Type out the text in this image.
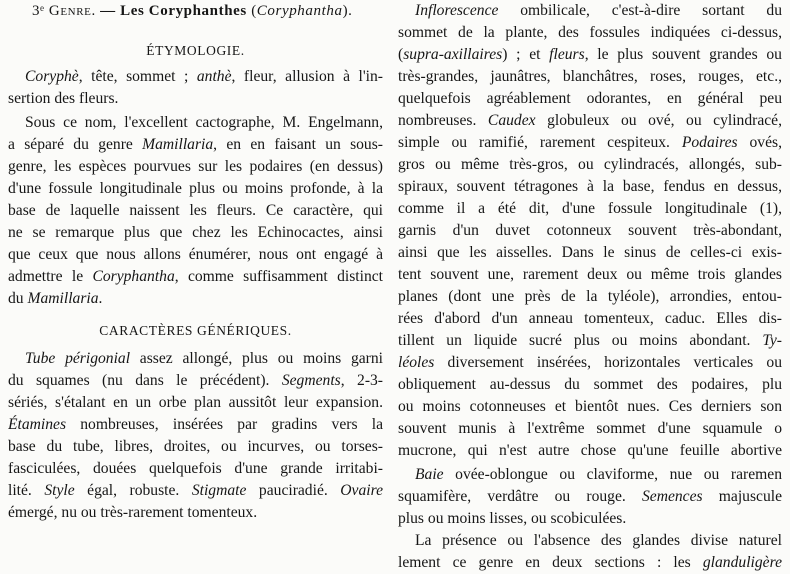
3ᵉ Genre. — Les Coryphanthes (Coryphantha).
ÉTYMOLOGIE.
Coryphè, tête, sommet ; anthè, fleur, allusion à l'in-
sertion des fleurs.
Sous ce nom, l'excellent cactographe, M. Engelmann,
a séparé du genre Mamillaria, en en faisant un sous-
genre, les espèces pourvues sur les podaires (en dessus)
d'une fossule longitudinale plus ou moins profonde, à la
base de laquelle naissent les fleurs. Ce caractère, qui
ne se remarque plus que chez les Echinocactes, ainsi
que ceux que nous allons énumérer, nous ont engagé à
admettre le Coryphantha, comme suffisamment distinct
du Mamillaria.
CARACTÈRES GÉNÉRIQUES.
Tube périgonial assez allongé, plus ou moins garni
du squames (nu dans le précédent). Segments, 2-3-
sériés, s'étalant en un orbe plan aussitôt leur expansion.
Étamines nombreuses, insérées par gradins vers la
base du tube, libres, droites, ou incurves, ou torses-
fasciculées, douées quelquefois d'une grande irritabi-
lité. Style égal, robuste. Stigmate pauciradié. Ovaire
émergé, nu ou très-rarement tomenteux.
Inflorescence ombilicale, c'est-à-dire sortant du
sommet de la plante, des fossules indiquées ci-dessus,
(supra-axillaires) ; et fleurs, le plus souvent grandes ou
très-grandes, jaunâtres, blanchâtres, roses, rouges, etc.,
quelquefois agréablement odorantes, en général peu
nombreuses. Caudex globuleux ou ové, ou cylindracé,
simple ou ramifié, rarement cespiteux. Podaires ovés,
gros ou même très-gros, ou cylindracés, allongés, sub-
spiraux, souvent tétragones à la base, fendus en dessus,
comme il a été dit, d'une fossule longitudinale (1),
garnis d'un duvet cotonneux souvent très-abondant,
ainsi que les aisselles. Dans le sinus de celles-ci exis-
tent souvent une, rarement deux ou même trois glandes
planes (dont une près de la tyléole), arrondies, entou-
rées d'abord d'un anneau tomenteux, caduc. Elles dis-
tillent un liquide sucré plus ou moins abondant. Ty-
léoles diversement insérées, horizontales verticales ou
obliquement au-dessus du sommet des podaires, plu
ou moins cotonneuses et bientôt nues. Ces derniers son
souvent munis à l'extrême sommet d'une squamule o
mucrone, qui n'est autre chose qu'une feuille abortive
Baie ovée-oblongue ou claviforme, nue ou raremen
squamifère, verdâtre ou rouge. Semences majuscule
plus ou moins lisses, ou scobiculées.
La présence ou l'absence des glandes divise naturel
lement ce genre en deux sections : les glanduligère
